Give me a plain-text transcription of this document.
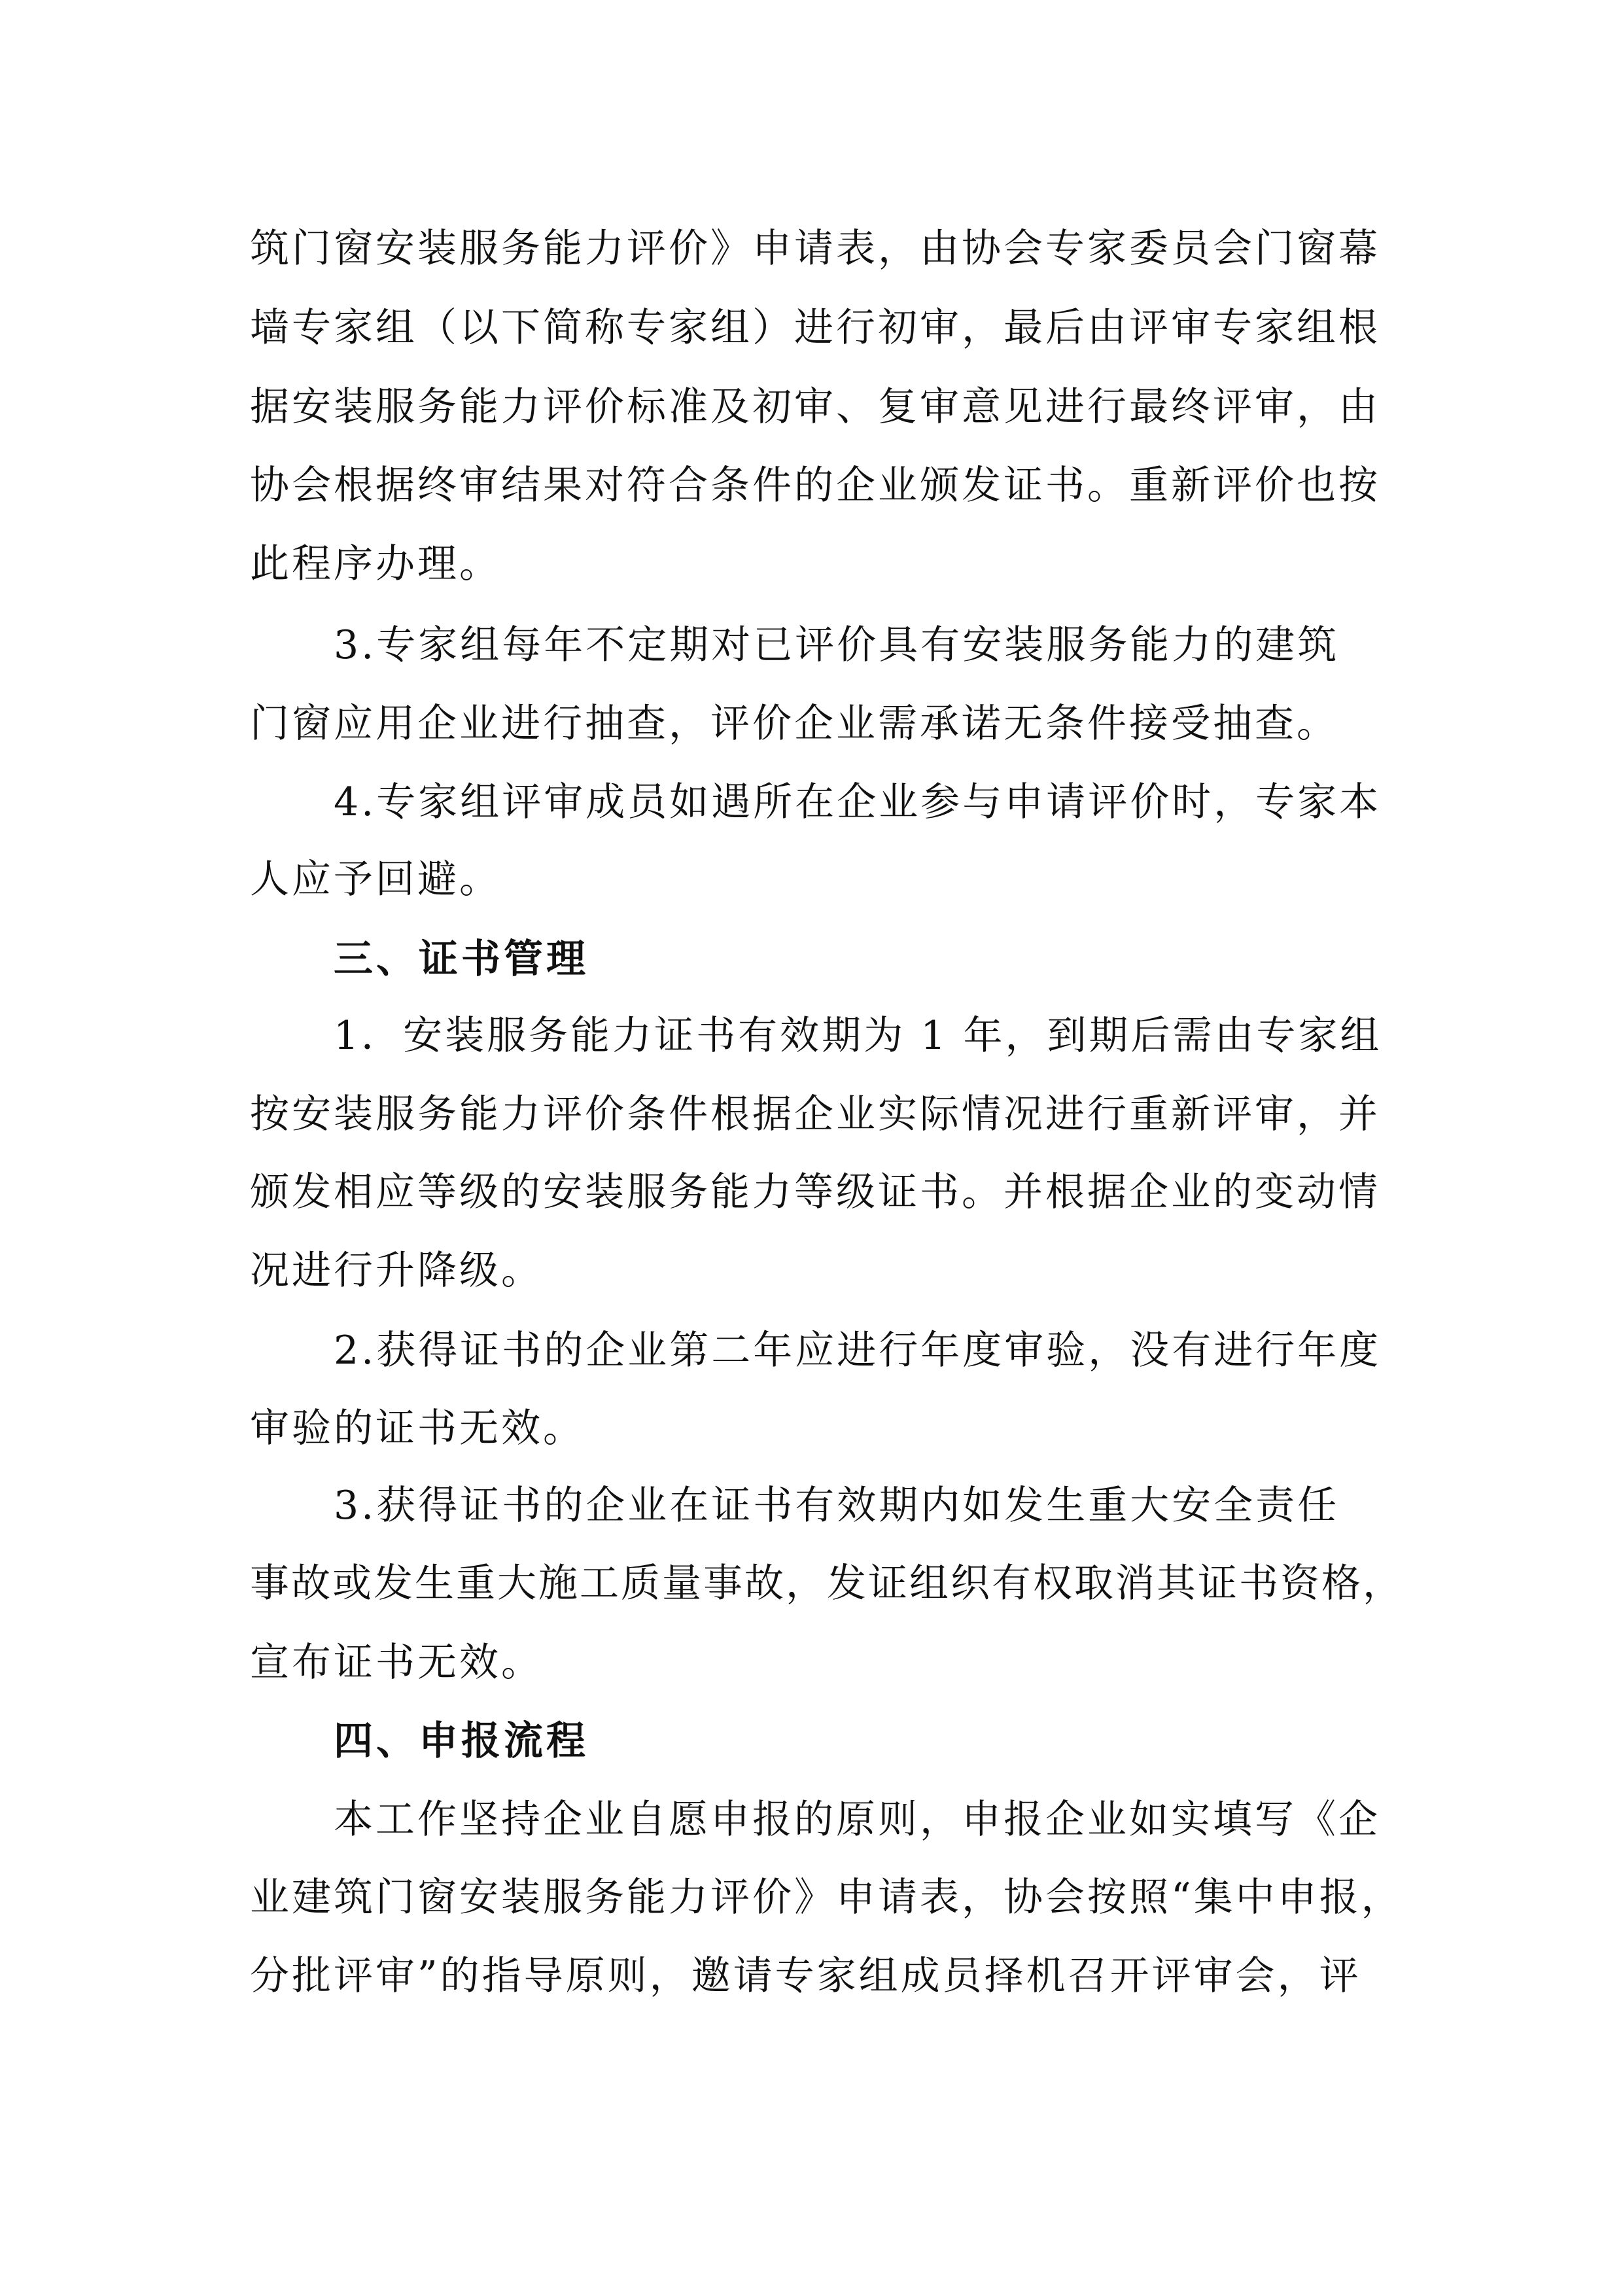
筑门窗安装服务能力评价》申请表，由协会专家委员会门窗幕

墙专家组（以下简称专家组）进行初审，最后由评审专家组根

据安装服务能力评价标准及初审、复审意见进行最终评审，由

协会根据终审结果对符合条件的企业颁发证书。重新评价也按

此程序办理。

3.专家组每年不定期对已评价具有安装服务能力的建筑

门窗应用企业进行抽查，评价企业需承诺无条件接受抽查。

4.专家组评审成员如遇所在企业参与申请评价时，专家本

人应予回避。

三、证书管理

1．安装服务能力证书有效期为 1 年，到期后需由专家组

按安装服务能力评价条件根据企业实际情况进行重新评审，并

颁发相应等级的安装服务能力等级证书。并根据企业的变动情

况进行升降级。

2.获得证书的企业第二年应进行年度审验，没有进行年度

审验的证书无效。

3.获得证书的企业在证书有效期内如发生重大安全责任

事故或发生重大施工质量事故，发证组织有权取消其证书资格，

宣布证书无效。

四、申报流程

本工作坚持企业自愿申报的原则，申报企业如实填写《企

业建筑门窗安装服务能力评价》申请表，协会按照“集中申报，

分批评审”的指导原则，邀请专家组成员择机召开评审会，评
